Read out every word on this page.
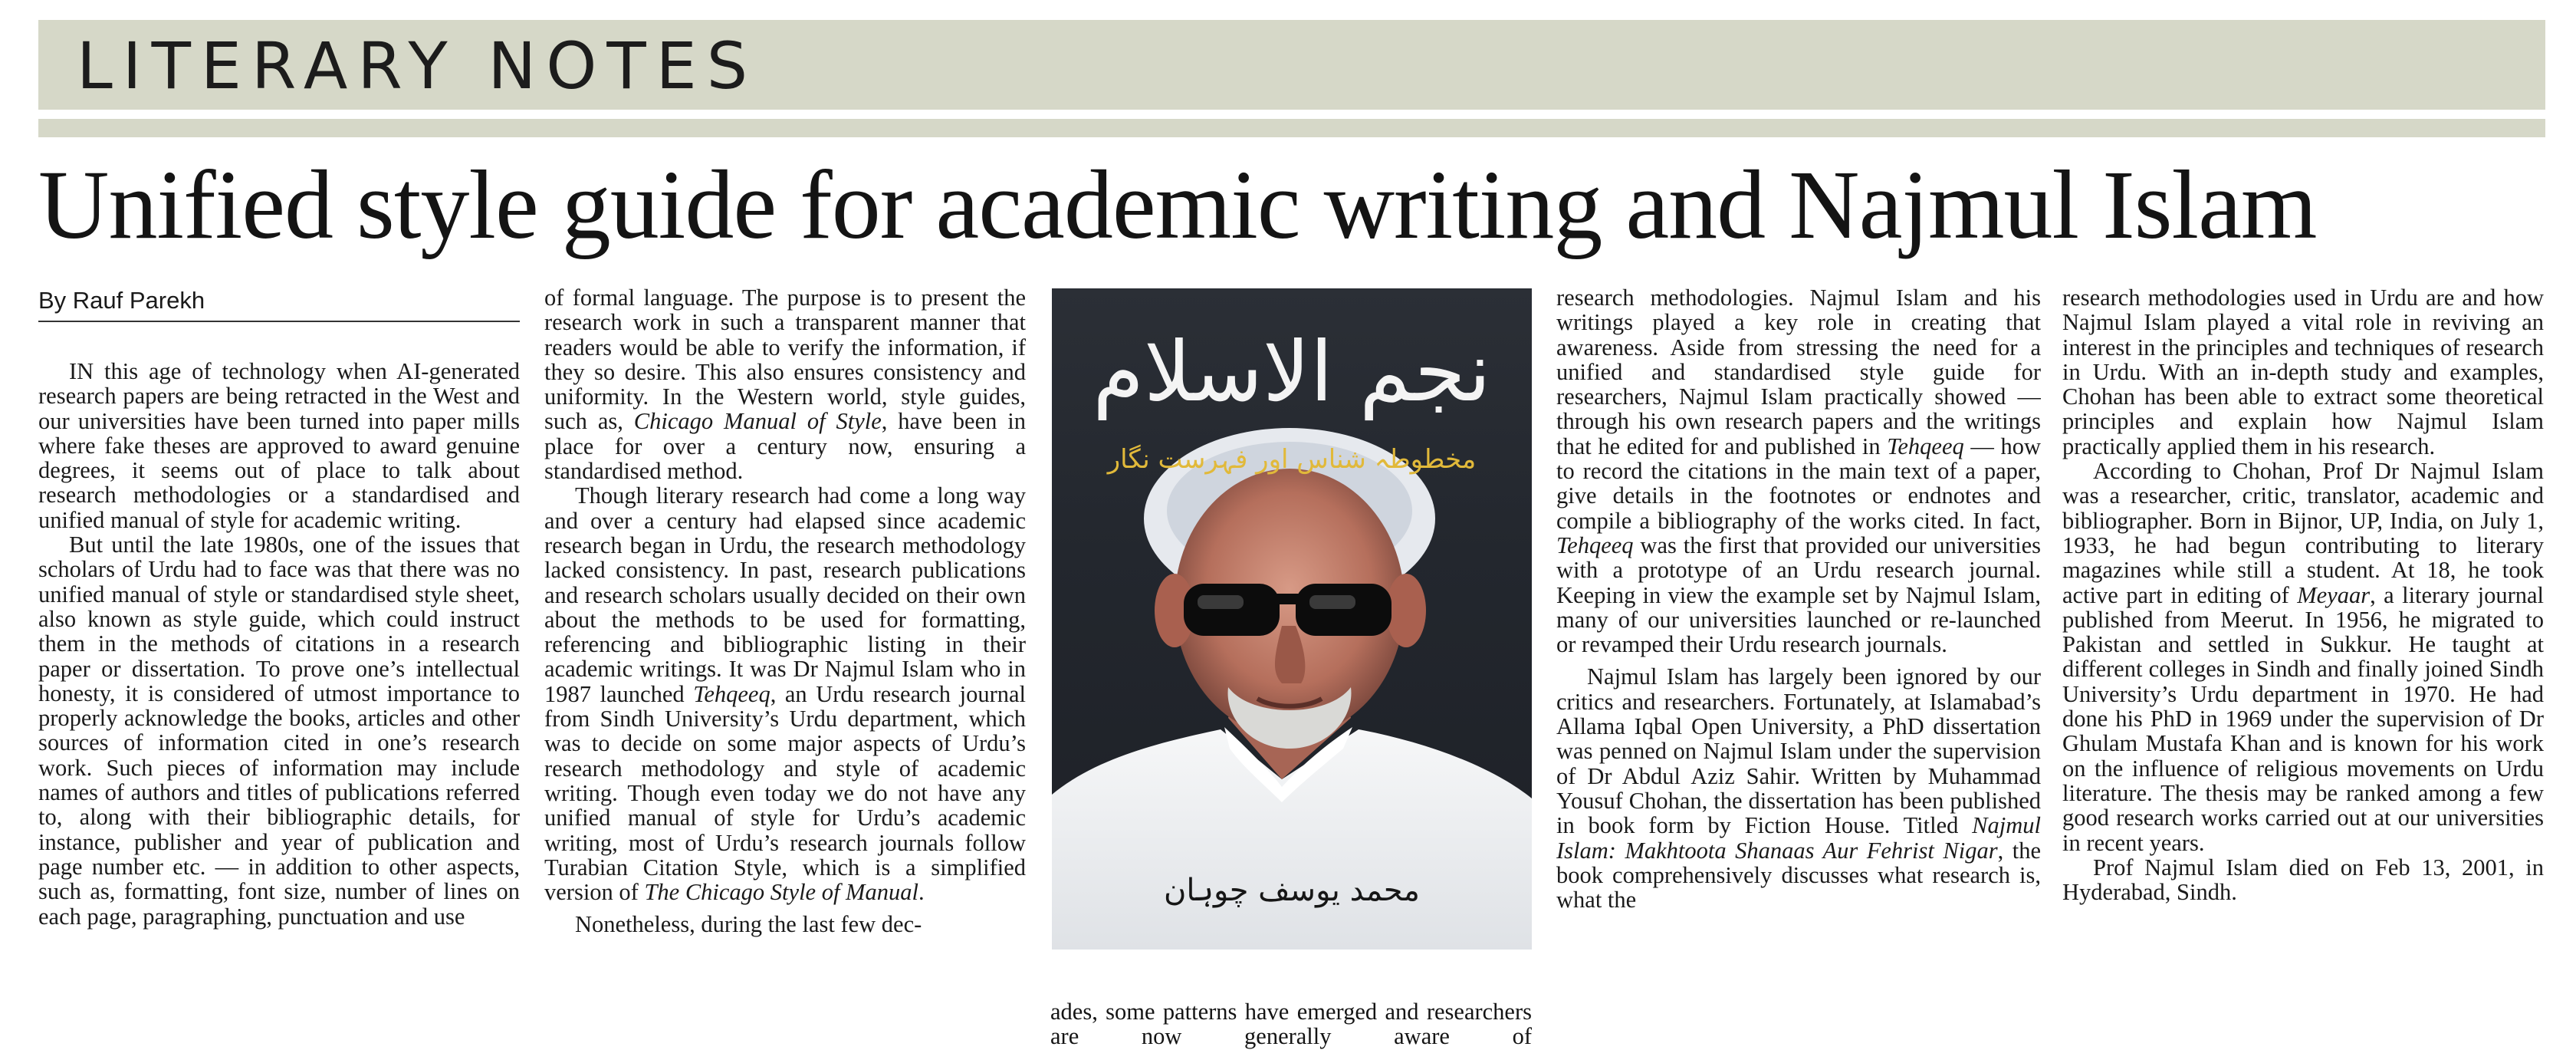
LITERARY NOTES
Unified style guide for academic writing and Najmul Islam
By Rauf Parekh

IN this age of technology when AI-generated research papers are being retracted in the West and our universities have been turned into paper mills where fake theses are approved to award genuine degrees, it seems out of place to talk about research methodologies or a standardised and unified manual of style for academic writing.

But until the late 1980s, one of the issues that scholars of Urdu had to face was that there was no unified manual of style or standardised style sheet, also known as style guide, which could instruct them in the methods of citations in a research paper or dissertation. To prove one’s intellectual honesty, it is considered of utmost importance to properly acknowledge the books, articles and other sources of information cited in one’s research work. Such pieces of information may include names of authors and titles of publications referred to, along with their bibliographic details, for instance, publisher and year of publication and page number etc. — in addition to other aspects, such as, formatting, font size, number of lines on each page, paragraphing, punctuation and use

of formal language. The purpose is to present the research work in such a transparent manner that readers would be able to verify the information, if they so desire. This also ensures consistency and uniformity. In the Western world, style guides, such as, Chicago Manual of Style, have been in place for over a century now, ensuring a standardised method.

Though literary research had come a long way and over a century had elapsed since academic research began in Urdu, the research methodology lacked consistency. In past, research publications and research scholars usually decided on their own about the methods to be used for formatting, referencing and bibliographic listing in their academic writings. It was Dr Najmul Islam who in 1987 launched Tehqeeq, an Urdu research journal from Sindh University’s Urdu department, which was to decide on some major aspects of Urdu’s research methodology and style of academic writing. Though even today we do not have any unified manual of style for Urdu’s academic writing, most of Urdu’s research journals follow Turabian Citation Style, which is a simplified version of The Chicago Style of Manual.

Nonetheless, during the last few dec-

نجم الاسلام
مخطوطہ شناس اور فہرست نگار
محمد یوسف چوہان

ades, some patterns have emerged and researchers are now generally aware of

research methodologies. Najmul Islam and his writings played a key role in creating that awareness. Aside from stressing the need for a unified and standardised style guide for researchers, Najmul Islam practically showed — through his own research papers and the writings that he edited for and published in Tehqeeq — how to record the citations in the main text of a paper, give details in the footnotes or endnotes and compile a bibliography of the works cited. In fact, Tehqeeq was the first that provided our universities with a prototype of an Urdu research journal. Keeping in view the example set by Najmul Islam, many of our universities launched or re-launched or revamped their Urdu research journals.

Najmul Islam has largely been ignored by our critics and researchers. Fortunately, at Islamabad’s Allama Iqbal Open University, a PhD dissertation was penned on Najmul Islam under the supervision of Dr Abdul Aziz Sahir. Written by Muhammad Yousuf Chohan, the dissertation has been published in book form by Fiction House. Titled Najmul Islam: Makhtoota Shanaas Aur Fehrist Nigar, the book comprehensively discusses what research is, what the

research methodologies used in Urdu are and how Najmul Islam played a vital role in reviving an interest in the principles and techniques of research in Urdu. With an in-depth study and examples, Chohan has been able to extract some theoretical principles and explain how Najmul Islam practically applied them in his research.

According to Chohan, Prof Dr Najmul Islam was a researcher, critic, translator, academic and bibliographer. Born in Bijnor, UP, India, on July 1, 1933, he had begun contributing to literary magazines while still a student. At 18, he took active part in editing of Meyaar, a literary journal published from Meerut. In 1956, he migrated to Pakistan and settled in Sukkur. He taught at different colleges in Sindh and finally joined Sindh University’s Urdu department in 1970. He had done his PhD in 1969 under the supervision of Dr Ghulam Mustafa Khan and is known for his work on the influence of religious movements on Urdu literature. The thesis may be ranked among a few good research works carried out at our universities in recent years.

Prof Najmul Islam died on Feb 13, 2001, in Hyderabad, Sindh.
